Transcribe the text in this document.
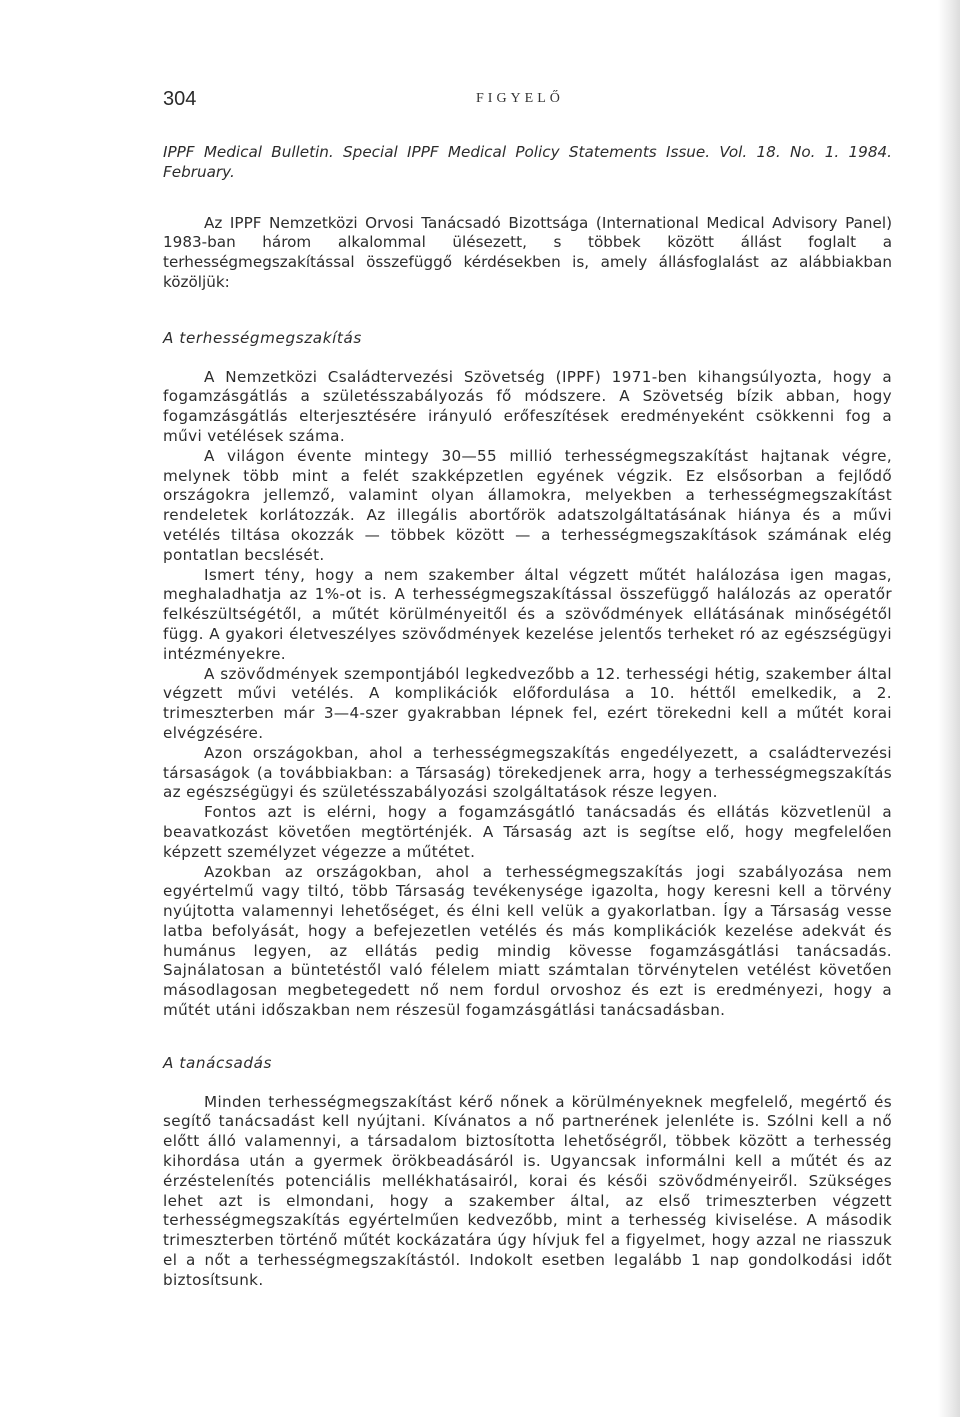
304	FIGYELŐ

IPPF Medical Bulletin. Special IPPF Medical Policy Statements Issue. Vol. 18. No. 1. 1984. February.

Az IPPF Nemzetközi Orvosi Tanácsadó Bizottsága (International Medical Advisory Panel) 1983-ban három alkalommal ülésezett, s többek között állást foglalt a terhességmegszakítással összefüggő kérdésekben is, amely állásfoglalást az alábbiakban közöljük:

A terhességmegszakítás

A Nemzetközi Családtervezési Szövetség (IPPF) 1971-ben kihangsúlyozta, hogy a fogamzásgátlás a születésszabályozás fő módszere. A Szövetség bízik abban, hogy fogamzásgátlás elterjesztésére irányuló erőfeszítések eredményeként csökkenni fog a művi vetélések száma.

A világon évente mintegy 30—55 millió terhességmegszakítást hajtanak végre, melynek több mint a felét szakképzetlen egyének végzik. Ez elsősorban a fejlődő országokra jellemző, valamint olyan államokra, melyekben a terhességmegszakítást rendeletek korlátozzák. Az illegális abortőrök adatszolgáltatásának hiánya és a művi vetélés tiltása okozzák — többek között — a terhességmegszakítások számának elég pontatlan becslését.

Ismert tény, hogy a nem szakember által végzett műtét halálozása igen magas, meghaladhatja az 1%-ot is. A terhességmegszakítással összefüggő halálozás az operatőr felkészültségétől, a műtét körülményeitől és a szövődmények ellátásának minőségétől függ. A gyakori életveszélyes szövődmények kezelése jelentős terheket ró az egészségügyi intézményekre.

A szövődmények szempontjából legkedvezőbb a 12. terhességi hétig, szakember által végzett művi vetélés. A komplikációk előfordulása a 10. héttől emelkedik, a 2. trimeszterben már 3—4-szer gyakrabban lépnek fel, ezért törekedni kell a műtét korai elvégzésére.

Azon országokban, ahol a terhességmegszakítás engedélyezett, a családtervezési társaságok (a továbbiakban: a Társaság) törekedjenek arra, hogy a terhességmegszakítás az egészségügyi és születésszabályozási szolgáltatások része legyen.

Fontos azt is elérni, hogy a fogamzásgátló tanácsadás és ellátás közvetlenül a beavatkozást követően megtörténjék. A Társaság azt is segítse elő, hogy megfelelően képzett személyzet végezze a műtétet.

Azokban az országokban, ahol a terhességmegszakítás jogi szabályozása nem egyértelmű vagy tiltó, több Társaság tevékenysége igazolta, hogy keresni kell a törvény nyújtotta valamennyi lehetőséget, és élni kell velük a gyakorlatban. Így a Társaság vesse latba befolyását, hogy a befejezetlen vetélés és más komplikációk kezelése adekvát és humánus legyen, az ellátás pedig mindig kövesse fogamzásgátlási tanácsadás. Sajnálatosan a büntetéstől való félelem miatt számtalan törvénytelen vetélést követően másodlagosan megbetegedett nő nem fordul orvoshoz és ezt is eredményezi, hogy a műtét utáni időszakban nem részesül fogamzásgátlási tanácsadásban.

A tanácsadás

Minden terhességmegszakítást kérő nőnek a körülményeknek megfelelő, megértő és segítő tanácsadást kell nyújtani. Kívánatos a nő partnerének jelenléte is. Szólni kell a nő előtt álló valamennyi, a társadalom biztosította lehetőségről, többek között a terhesség kihordása után a gyermek örökbeadásáról is. Ugyancsak informálni kell a műtét és az érzéstelenítés potenciális mellékhatásairól, korai és késői szövődményeiről. Szükséges lehet azt is elmondani, hogy a szakember által, az első trimeszterben végzett terhességmegszakítás egyértelműen kedvezőbb, mint a terhesség kiviselése. A második trimeszterben történő műtét kockázatára úgy hívjuk fel a figyelmet, hogy azzal ne riasszuk el a nőt a terhességmegszakítástól. Indokolt esetben legalább 1 nap gondolkodási időt biztosítsunk.
